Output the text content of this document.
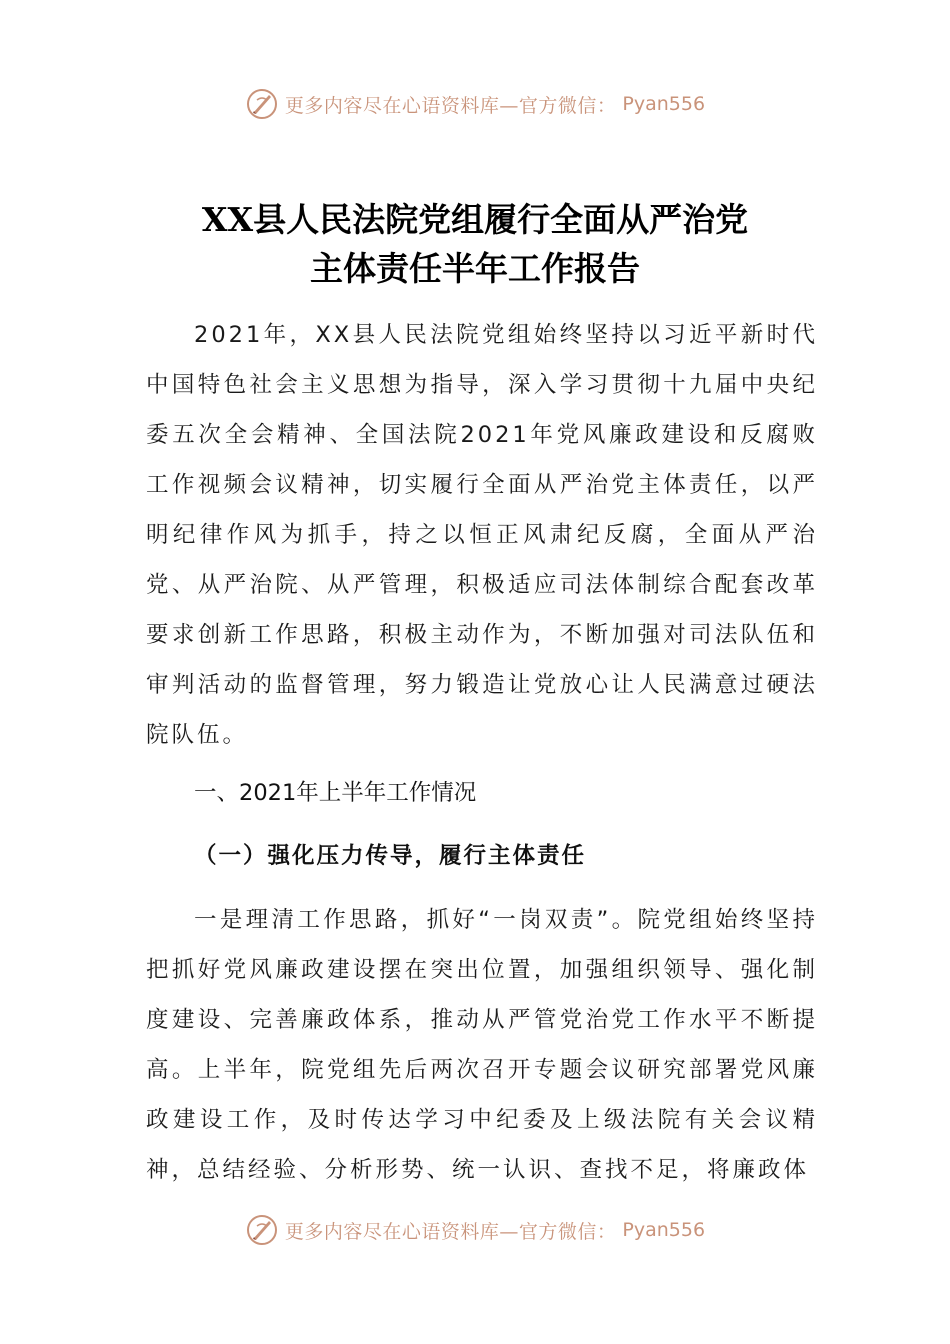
更多内容尽在心语资料库—官方微信： Pyan556
XX县人民法院党组履行全面从严治党
主体责任半年工作报告
2021年，XX县人民法院党组始终坚持以习近平新时代中国特色社会主义思想为指导，深入学习贯彻十九届中央纪委五次全会精神、全国法院2021年党风廉政建设和反腐败工作视频会议精神，切实履行全面从严治党主体责任，以严明纪律作风为抓手，持之以恒正风肃纪反腐，全面从严治党、从严治院、从严管理，积极适应司法体制综合配套改革要求创新工作思路，积极主动作为，不断加强对司法队伍和审判活动的监督管理，努力锻造让党放心让人民满意过硬法院队伍。
一、2021年上半年工作情况
（一）强化压力传导，履行主体责任
一是理清工作思路，抓好“一岗双责”。院党组始终坚持把抓好党风廉政建设摆在突出位置，加强组织领导、强化制度建设、完善廉政体系，推动从严管党治党工作水平不断提高。上半年，院党组先后两次召开专题会议研究部署党风廉政建设工作，及时传达学习中纪委及上级法院有关会议精神，总结经验、分析形势、统一认识、查找不足，将廉政体
更多内容尽在心语资料库—官方微信： Pyan556
